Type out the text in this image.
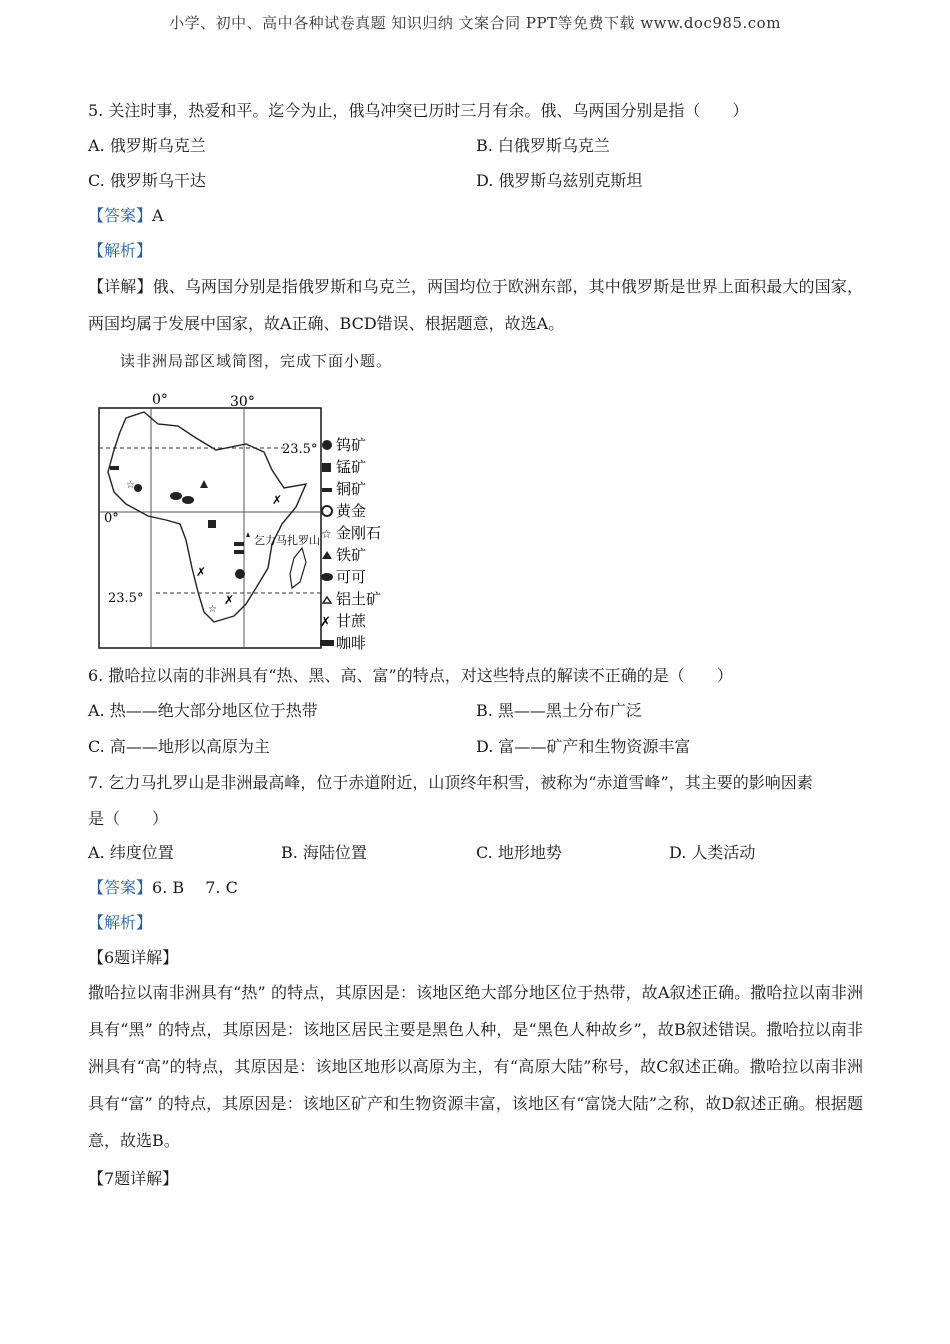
小学、初中、高中各种试卷真题 知识归纳 文案合同 PPT等免费下载 www.doc985.com
5. 关注时事，热爱和平。迄今为止，俄乌冲突已历时三月有余。俄、乌两国分别是指（　　）
A. 俄罗斯乌克兰	B. 白俄罗斯乌克兰
C. 俄罗斯乌干达	D. 俄罗斯乌兹别克斯坦
【答案】A
【解析】
【详解】俄、乌两国分别是指俄罗斯和乌克兰，两国均位于欧洲东部，其中俄罗斯是世界上面积最大的国家，两国均属于发展中国家，故A正确、BCD错误、根据题意，故选A。
读非洲局部区域简图，完成下面小题。
0°	30°
23.5°
0°
23.5°
乞力马扎罗山
☆
☆
✗
✗
✗
钨矿
锰矿
铜矿
黄金
金刚石
铁矿
可可
铝土矿
甘蔗
咖啡
☆
✗
6. 撒哈拉以南的非洲具有“热、黑、高、富”的特点，对这些特点的解读不正确的是（　　）
A. 热——绝大部分地区位于热带	B. 黑——黑土分布广泛
C. 高——地形以高原为主	D. 富——矿产和生物资源丰富
7. 乞力马扎罗山是非洲最高峰，位于赤道附近，山顶终年积雪，被称为“赤道雪峰”，其主要的影响因素
是（　　）
A. 纬度位置	B. 海陆位置	C. 地形地势	D. 人类活动
【答案】6. B　 7. C
【解析】
【6题详解】
撒哈拉以南非洲具有“热” 的特点，其原因是：该地区绝大部分地区位于热带，故A叙述正确。撒哈拉以南非洲具有“黑” 的特点，其原因是：该地区居民主要是黑色人种，是“黑色人种故乡”，故B叙述错误。撒哈拉以南非洲具有“高”的特点，其原因是：该地区地形以高原为主，有“高原大陆”称号，故C叙述正确。撒哈拉以南非洲具有“富” 的特点，其原因是：该地区矿产和生物资源丰富，该地区有“富饶大陆”之称，故D叙述正确。根据题意，故选B。
【7题详解】
